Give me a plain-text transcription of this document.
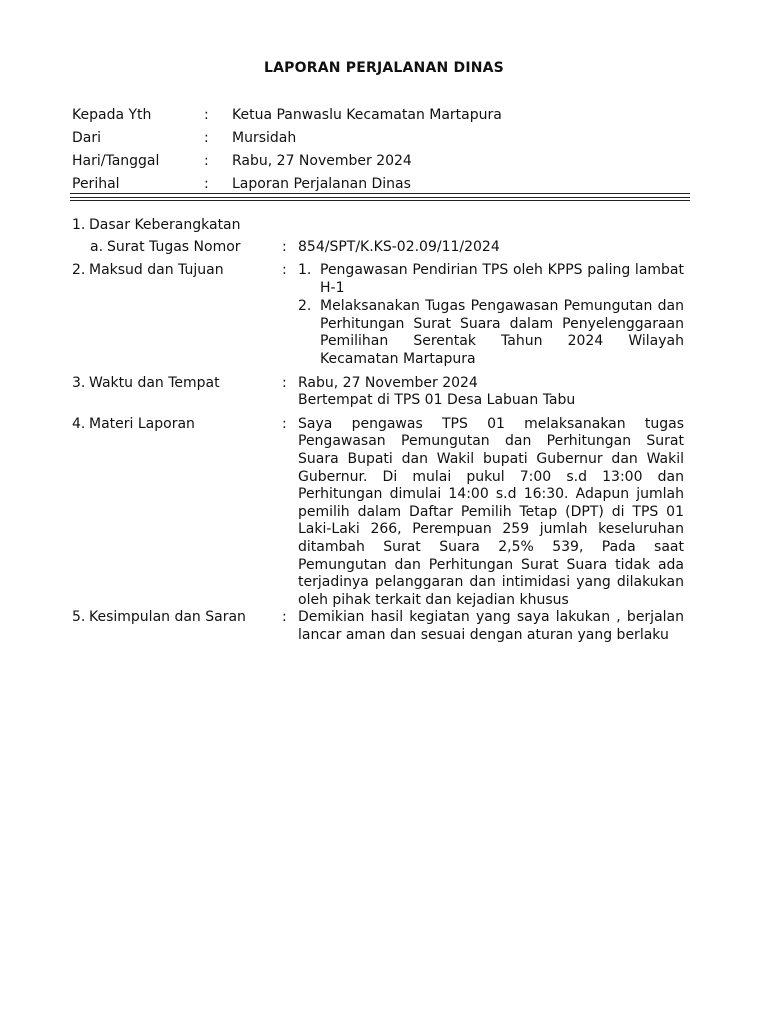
LAPORAN PERJALANAN DINAS
Kepada Yth	: Ketua Panwaslu Kecamatan Martapura
Dari	: Mursidah
Hari/Tanggal	: Rabu, 27 November 2024
Perihal	: Laporan Perjalanan Dinas
1. Dasar Keberangkatan
a. Surat Tugas Nomor	: 854/SPT/K.KS-02.09/11/2024
2. Maksud dan Tujuan	: 1. Pengawasan Pendirian TPS oleh KPPS paling lambat H-1
2. Melaksanakan Tugas Pengawasan Pemungutan dan Perhitungan Surat Suara dalam Penyelenggaraan Pemilihan Serentak Tahun 2024 Wilayah Kecamatan Martapura
3. Waktu dan Tempat	: Rabu, 27 November 2024
Bertempat di TPS 01 Desa Labuan Tabu
4. Materi Laporan	: Saya pengawas TPS 01 melaksanakan tugas Pengawasan Pemungutan dan Perhitungan Surat Suara Bupati dan Wakil bupati Gubernur dan Wakil Gubernur. Di mulai pukul 7:00 s.d 13:00 dan Perhitungan dimulai 14:00 s.d 16:30. Adapun jumlah pemilih dalam Daftar Pemilih Tetap (DPT) di TPS 01 Laki-Laki 266, Perempuan 259 jumlah keseluruhan ditambah Surat Suara 2,5% 539, Pada saat Pemungutan dan Perhitungan Surat Suara tidak ada terjadinya pelanggaran dan intimidasi yang dilakukan oleh pihak terkait dan kejadian khusus
5. Kesimpulan dan Saran	: Demikian hasil kegiatan yang saya lakukan , berjalan lancar aman dan sesuai dengan aturan yang berlaku
